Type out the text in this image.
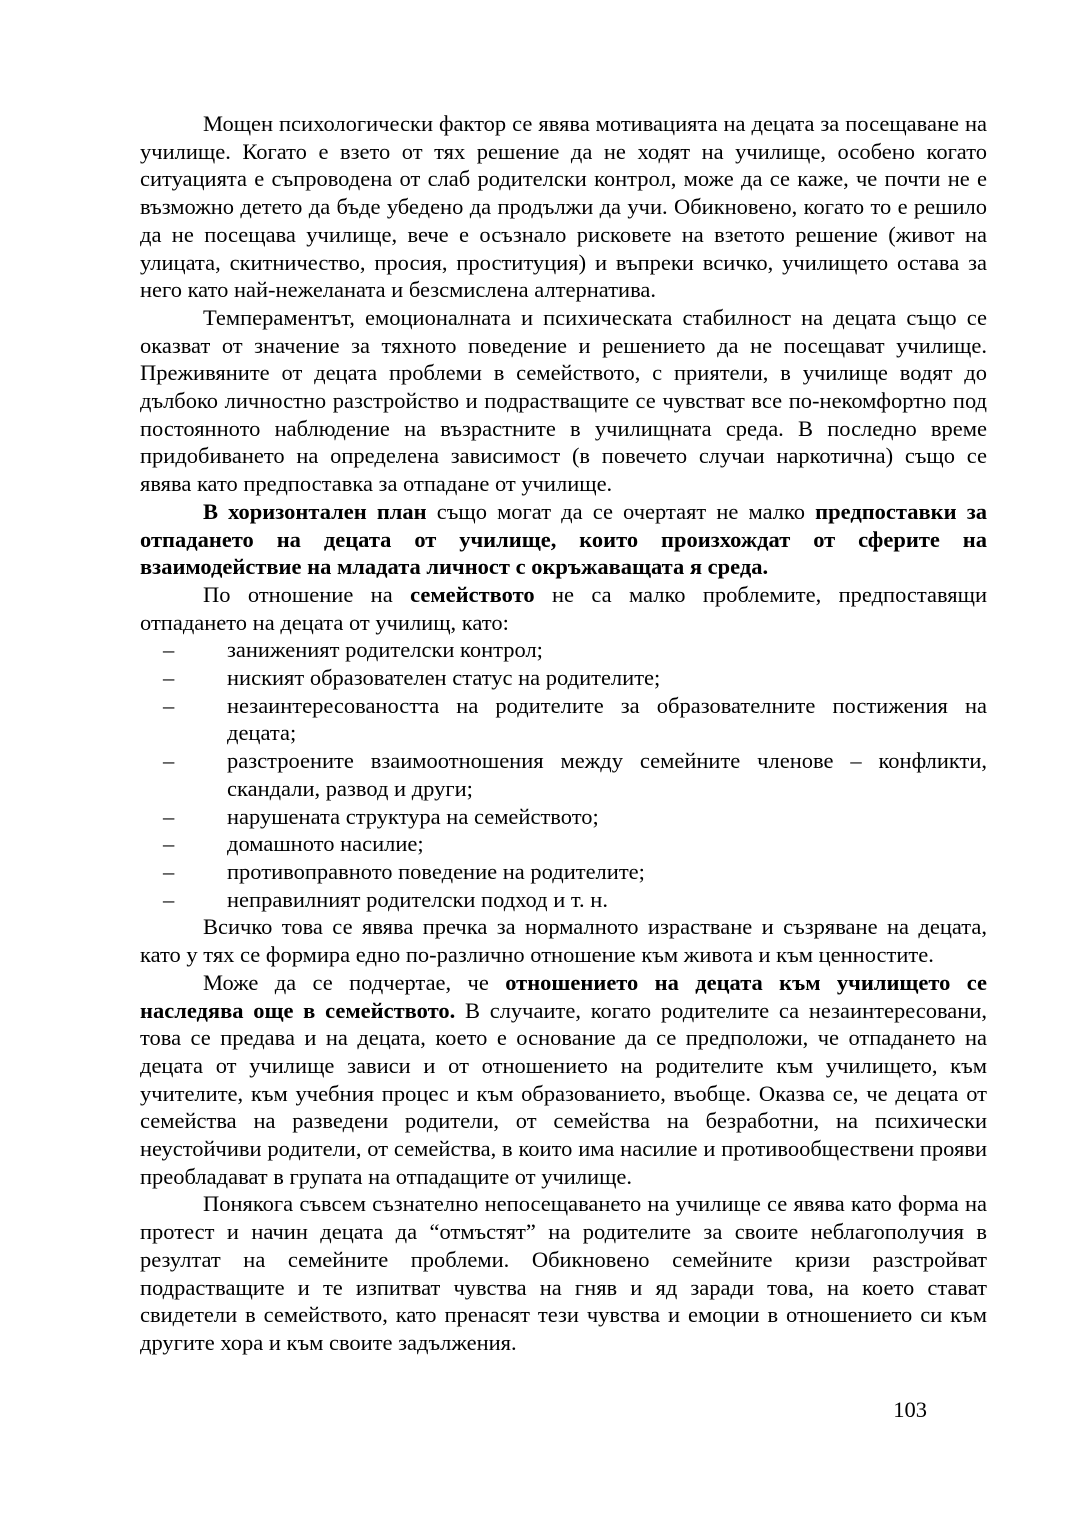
Мощен психологически фактор се явява мотивацията на децата за посещаване на училище. Когато е взето от тях решение да не ходят на училище, особено когато ситуацията е съпроводена от слаб родителски контрол, може да се каже, че почти не е възможно детето да бъде убедено да продължи да учи. Обикновено, когато то е решило да не посещава училище, вече е осъзнало рисковете на взетото решение (живот на улицата, скитничество, просия, проституция) и въпреки всичко, училището остава за него като най-нежеланата и безсмислена алтернатива.

Темпераментът, емоционалната и психическата стабилност на децата също се оказват от значение за тяхното поведение и решението да не посещават училище. Преживяните от децата проблеми в семейството, с приятели, в училище водят до дълбоко личностно разстройство и подрастващите се чувстват все по-некомфортно под постоянното наблюдение на възрастните в училищната среда. В последно време придобиването на определена зависимост (в повечето случаи наркотична) също се явява като предпоставка за отпадане от училище.

В хоризонтален план също могат да се очертаят не малко предпоставки за отпадането на децата от училище, които произхождат от сферите на взаимодействие на младата личност с окръжаващата я среда.

По отношение на семейството не са малко проблемите, предпоставящи отпадането на децата от училищ, като:

– заниженият родителски контрол;
– ниският образователен статус на родителите;
– незаинтересоваността на родителите за образователните постижения на децата;
– разстроените взаимоотношения между семейните членове – конфликти, скандали, развод и други;
– нарушената структура на семейството;
– домашното насилие;
– противоправното поведение на родителите;
– неправилният родителски подход и т. н.

Всичко това се явява пречка за нормалното израстване и съзряване на децата, като у тях се формира едно по-различно отношение към живота и към ценностите.

Може да се подчертае, че отношението на децата към училището се наследява още в семейството. В случаите, когато родителите са незаинтересовани, това се предава и на децата, което е основание да се предположи, че отпадането на децата от училище зависи и от отношението на родителите към училището, към учителите, към учебния процес и към образованието, въобще. Оказва се, че децата от семейства на разведени родители, от семейства на безработни, на психически неустойчиви родители, от семейства, в които има насилие и противообществени прояви преобладават в групата на отпадащите от училище.

Понякога съвсем съзнателно непосещаването на училище се явява като форма на протест и начин децата да “отмъстят” на родителите за своите неблагополучия в резултат на семейните проблеми. Обикновено семейните кризи разстройват подрастващите и те изпитват чувства на гняв и яд заради това, на което стават свидетели в семейството, като пренасят тези чувства и емоции в отношението си към другите хора и към своите задължения.

103
